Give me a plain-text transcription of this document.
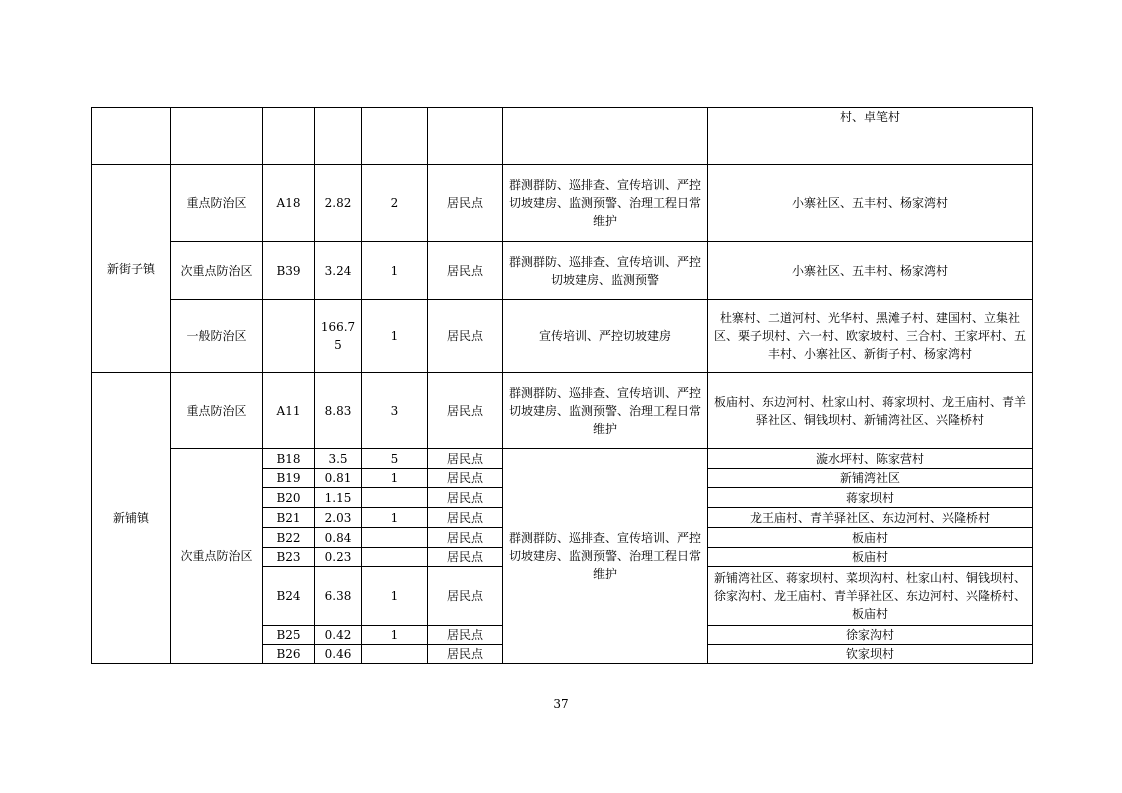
							村、卓笔村
新街子镇	重点防治区	A18	2.82	2	居民点	群测群防、巡排查、宣传培训、严控切坡建房、监测预警、治理工程日常维护	小寨社区、五丰村、杨家湾村
	次重点防治区	B39	3.24	1	居民点	群测群防、巡排查、宣传培训、严控切坡建房、监测预警	小寨社区、五丰村、杨家湾村
	一般防治区		166.75	1	居民点	宣传培训、严控切坡建房	杜寨村、二道河村、光华村、黑滩子村、建国村、立集社区、栗子坝村、六一村、欧家坡村、三合村、王家坪村、五丰村、小寨社区、新街子村、杨家湾村
新铺镇	重点防治区	A11	8.83	3	居民点	群测群防、巡排查、宣传培训、严控切坡建房、监测预警、治理工程日常维护	板庙村、东边河村、杜家山村、蒋家坝村、龙王庙村、青羊驿社区、铜钱坝村、新铺湾社区、兴隆桥村
	次重点防治区	B18	3.5	5	居民点	群测群防、巡排查、宣传培训、严控切坡建房、监测预警、治理工程日常维护	漩水坪村、陈家营村
		B19	0.81	1	居民点		新铺湾社区
		B20	1.15		居民点		蒋家坝村
		B21	2.03	1	居民点		龙王庙村、青羊驿社区、东边河村、兴隆桥村
		B22	0.84		居民点		板庙村
		B23	0.23		居民点		板庙村
		B24	6.38	1	居民点		新铺湾社区、蒋家坝村、菜坝沟村、杜家山村、铜钱坝村、徐家沟村、龙王庙村、青羊驿社区、东边河村、兴隆桥村、板庙村
		B25	0.42	1	居民点		徐家沟村
		B26	0.46		居民点		钦家坝村
37
